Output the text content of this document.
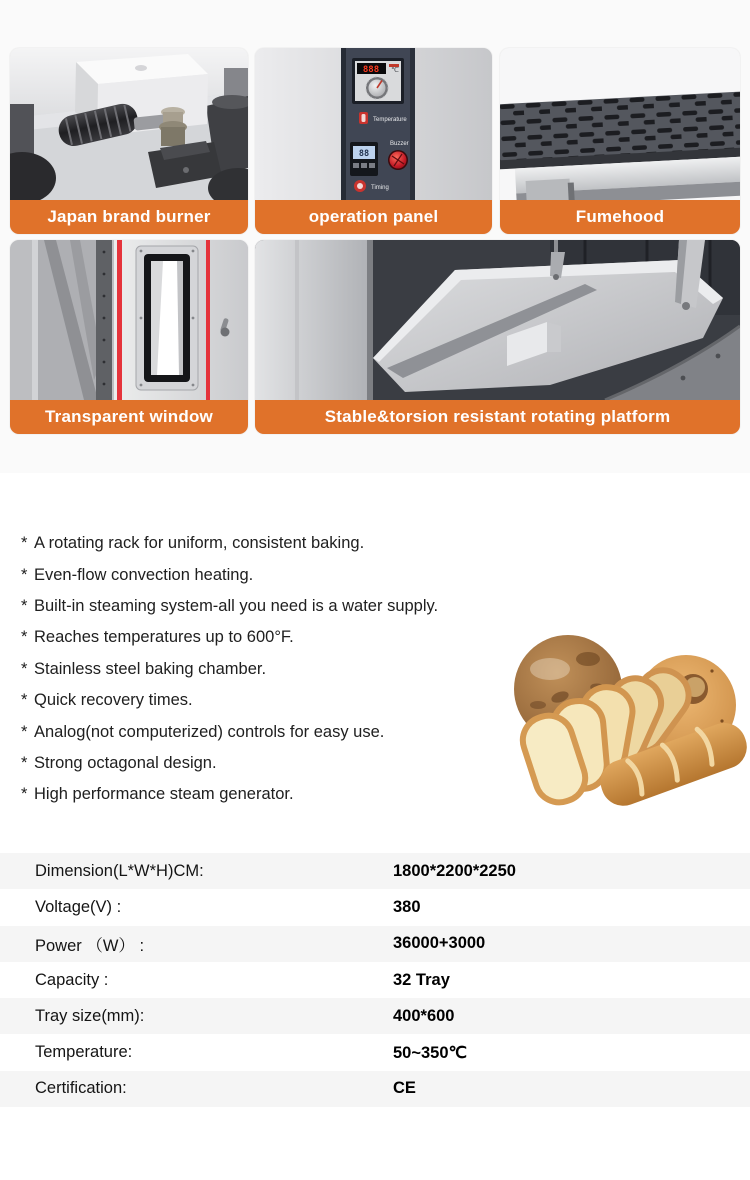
Japan brand burner
888 ℃
Temperature
88
Buzzer
Timing
operation panel	Fumehood
Transparent window	Stable&torsion resistant rotating platform
* A rotating rack for uniform, consistent baking.
* Even-flow convection heating.
* Built-in steaming system-all you need is a water supply.
* Reaches temperatures up to 600°F.
* Stainless steel baking chamber.
* Quick recovery times.
* Analog(not computerized) controls for easy use.
* Strong octagonal design.
* High performance steam generator.
Dimension(L*W*H)CM:	1800*2200*2250
Voltage(V) :	380
Power （W） :	36000+3000
Capacity :	32 Tray
Tray size(mm):	400*600
Temperature:	50~350℃
Certification:	CE
